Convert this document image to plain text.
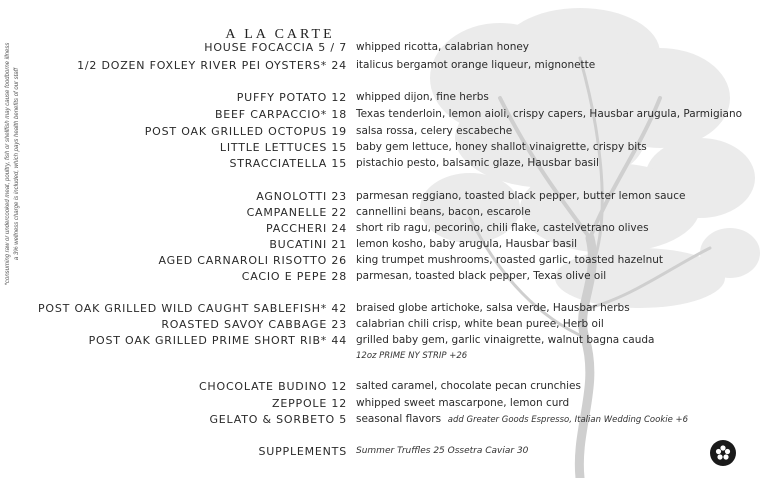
*consuming raw or undercooked meat, poultry, fish or shellfish may cause foodborne illness a 3% wellness charge is included, which pays health benefits of our staff
A LA CARTE
HOUSE FOCACCIA 5 / 7 whipped ricotta, calabrian honey
1/2 DOZEN FOXLEY RIVER PEI OYSTERS* 24 italicus bergamot orange liqueur, mignonette
PUFFY POTATO 12 whipped dijon, fine herbs
BEEF CARPACCIO* 18 Texas tenderloin, lemon aioli, crispy capers, Hausbar arugula, Parmigiano
POST OAK GRILLED OCTOPUS 19 salsa rossa, celery escabeche
LITTLE LETTUCES 15 baby gem lettuce, honey shallot vinaigrette, crispy bits
STRACCIATELLA 15 pistachio pesto, balsamic glaze, Hausbar basil
AGNOLOTTI 23 parmesan reggiano, toasted black pepper, butter lemon sauce
CAMPANELLE 22 cannellini beans, bacon, escarole
PACCHERI 24 short rib ragu, pecorino, chili flake, castelvetrano olives
BUCATINI 21 lemon kosho, baby arugula, Hausbar basil
AGED CARNAROLI RISOTTO 26 king trumpet mushrooms, roasted garlic, toasted hazelnut
CACIO E PEPE 28 parmesan, toasted black pepper, Texas olive oil
POST OAK GRILLED WILD CAUGHT SABLEFISH* 42 braised globe artichoke, salsa verde, Hausbar herbs
ROASTED SAVOY CABBAGE 23 calabrian chili crisp, white bean puree, Herb oil
POST OAK GRILLED PRIME SHORT RIB* 44 grilled baby gem, garlic vinaigrette, walnut bagna cauda
12oz PRIME NY STRIP +26
CHOCOLATE BUDINO 12 salted caramel, chocolate pecan crunchies
ZEPPOLE 12 whipped sweet mascarpone, lemon curd
GELATO & SORBETO 5 seasonal flavors add Greater Goods Espresso, Italian Wedding Cookie +6
SUPPLEMENTS Summer Truffles 25 Ossetra Caviar 30
